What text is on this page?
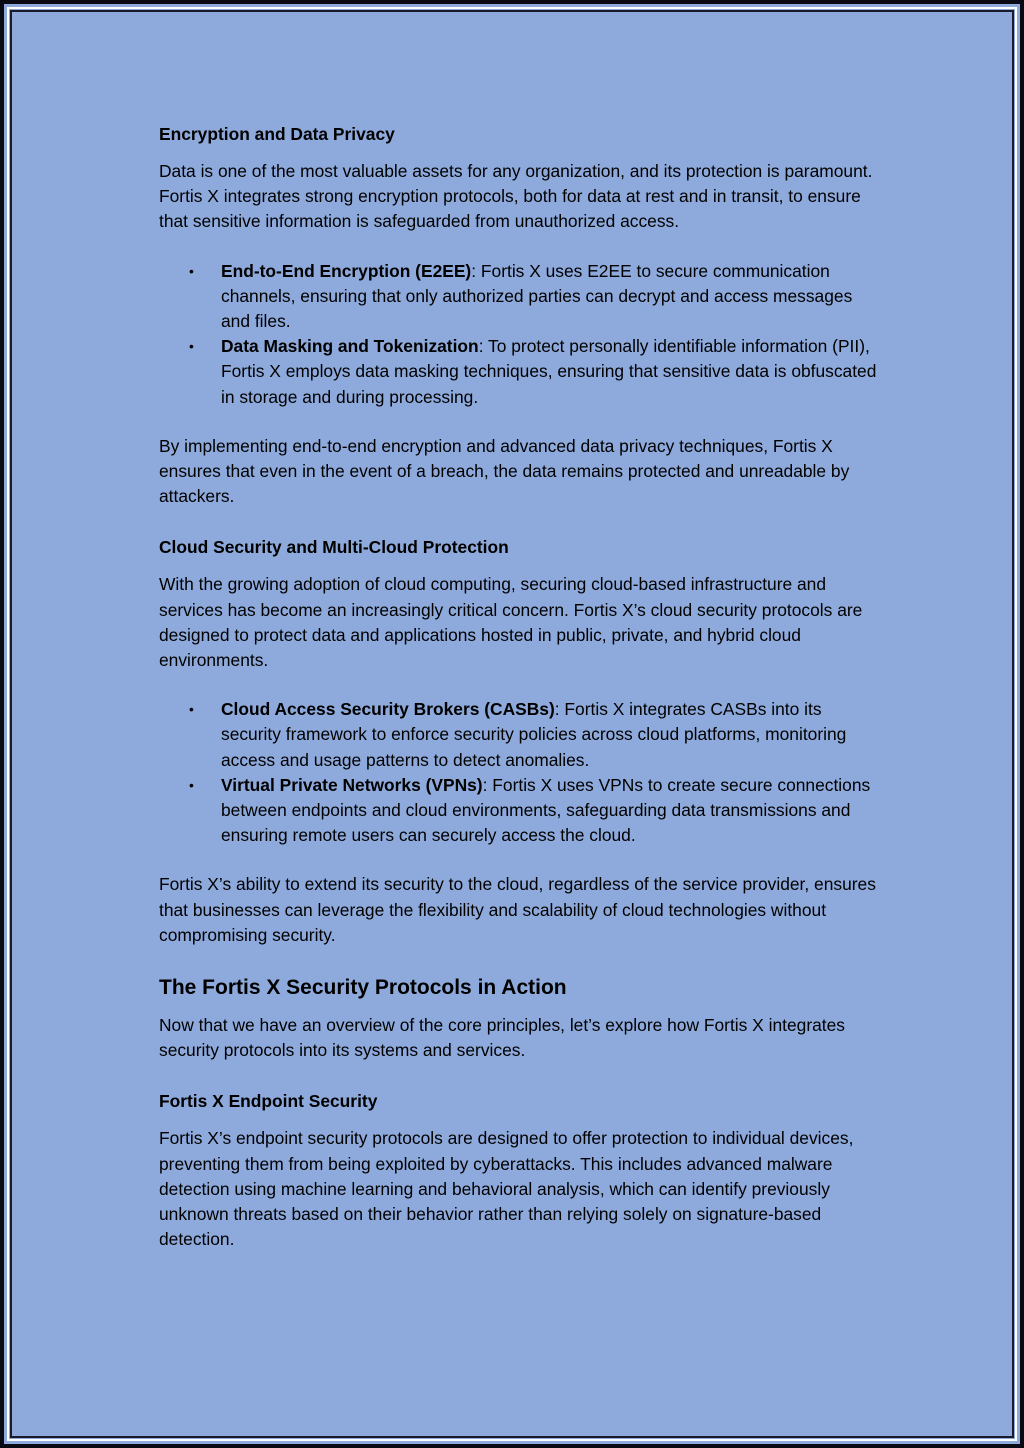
Encryption and Data Privacy

Data is one of the most valuable assets for any organization, and its protection is paramount. Fortis X integrates strong encryption protocols, both for data at rest and in transit, to ensure that sensitive information is safeguarded from unauthorized access.

• End-to-End Encryption (E2EE): Fortis X uses E2EE to secure communication channels, ensuring that only authorized parties can decrypt and access messages and files.
• Data Masking and Tokenization: To protect personally identifiable information (PII), Fortis X employs data masking techniques, ensuring that sensitive data is obfuscated in storage and during processing.

By implementing end-to-end encryption and advanced data privacy techniques, Fortis X ensures that even in the event of a breach, the data remains protected and unreadable by attackers.

Cloud Security and Multi-Cloud Protection

With the growing adoption of cloud computing, securing cloud-based infrastructure and services has become an increasingly critical concern. Fortis X’s cloud security protocols are designed to protect data and applications hosted in public, private, and hybrid cloud environments.

• Cloud Access Security Brokers (CASBs): Fortis X integrates CASBs into its security framework to enforce security policies across cloud platforms, monitoring access and usage patterns to detect anomalies.
• Virtual Private Networks (VPNs): Fortis X uses VPNs to create secure connections between endpoints and cloud environments, safeguarding data transmissions and ensuring remote users can securely access the cloud.

Fortis X’s ability to extend its security to the cloud, regardless of the service provider, ensures that businesses can leverage the flexibility and scalability of cloud technologies without compromising security.

The Fortis X Security Protocols in Action

Now that we have an overview of the core principles, let’s explore how Fortis X integrates security protocols into its systems and services.

Fortis X Endpoint Security

Fortis X’s endpoint security protocols are designed to offer protection to individual devices, preventing them from being exploited by cyberattacks. This includes advanced malware detection using machine learning and behavioral analysis, which can identify previously unknown threats based on their behavior rather than relying solely on signature-based detection.
